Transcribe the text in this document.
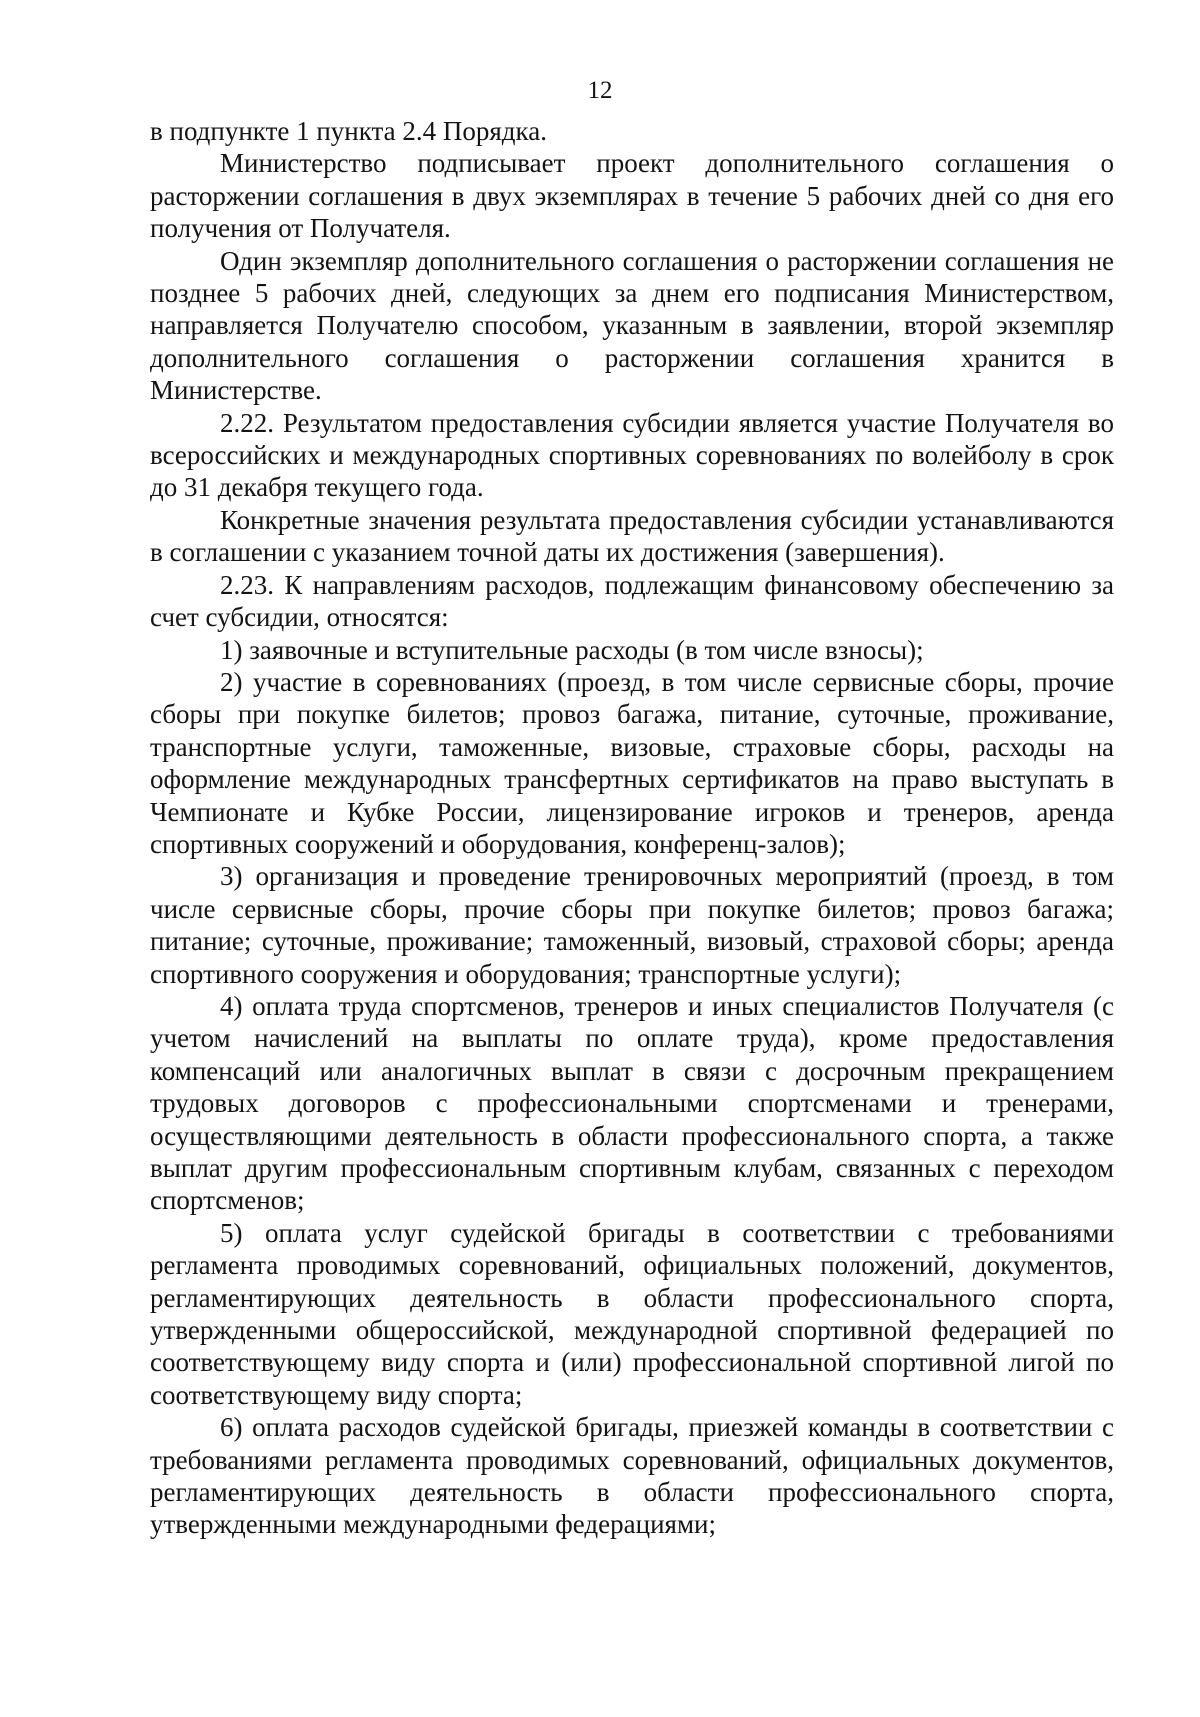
12

в подпункте 1 пункта 2.4 Порядка.

Министерство подписывает проект дополнительного соглашения о расторжении соглашения в двух экземплярах в течение 5 рабочих дней со дня его получения от Получателя.

Один экземпляр дополнительного соглашения о расторжении соглашения не позднее 5 рабочих дней, следующих за днем его подписания Министерством, направляется Получателю способом, указанным в заявлении, второй экземпляр дополнительного соглашения о расторжении соглашения хранится в Министерстве.

2.22. Результатом предоставления субсидии является участие Получателя во всероссийских и международных спортивных соревнованиях по волейболу в срок до 31 декабря текущего года.

Конкретные значения результата предоставления субсидии устанавливаются в соглашении с указанием точной даты их достижения (завершения).

2.23. К направлениям расходов, подлежащим финансовому обеспечению за счет субсидии, относятся:

1) заявочные и вступительные расходы (в том числе взносы);

2) участие в соревнованиях (проезд, в том числе сервисные сборы, прочие сборы при покупке билетов; провоз багажа, питание, суточные, проживание, транспортные услуги, таможенные, визовые, страховые сборы, расходы на оформление международных трансфертных сертификатов на право выступать в Чемпионате и Кубке России, лицензирование игроков и тренеров, аренда спортивных сооружений и оборудования, конференц-залов);

3) организация и проведение тренировочных мероприятий (проезд, в том числе сервисные сборы, прочие сборы при покупке билетов; провоз багажа; питание; суточные, проживание; таможенный, визовый, страховой сборы; аренда спортивного сооружения и оборудования; транспортные услуги);

4) оплата труда спортсменов, тренеров и иных специалистов Получателя (с учетом начислений на выплаты по оплате труда), кроме предоставления компенсаций или аналогичных выплат в связи с досрочным прекращением трудовых договоров с профессиональными спортсменами и тренерами, осуществляющими деятельность в области профессионального спорта, а также выплат другим профессиональным спортивным клубам, связанных с переходом спортсменов;

5) оплата услуг судейской бригады в соответствии с требованиями регламента проводимых соревнований, официальных положений, документов, регламентирующих деятельность в области профессионального спорта, утвержденными общероссийской, международной спортивной федерацией по соответствующему виду спорта и (или) профессиональной спортивной лигой по соответствующему виду спорта;

6) оплата расходов судейской бригады, приезжей команды в соответствии с требованиями регламента проводимых соревнований, официальных документов, регламентирующих деятельность в области профессионального спорта, утвержденными международными федерациями;
